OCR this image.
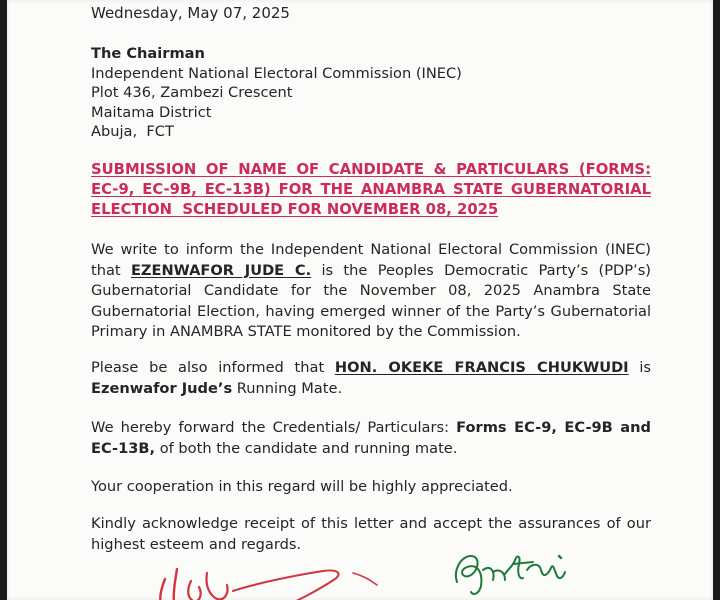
Wednesday, May 07, 2025
The Chairman
Independent National Electoral Commission (INEC)
Plot 436, Zambezi Crescent
Maitama District
Abuja,  FCT
SUBMISSION OF NAME OF CANDIDATE & PARTICULARS (FORMS:
EC-9, EC-9B, EC-13B) FOR THE ANAMBRA STATE GUBERNATORIAL
ELECTION  SCHEDULED FOR NOVEMBER 08, 2025
We write to inform the Independent National Electoral Commission (INEC) that EZENWAFOR JUDE C. is the Peoples Democratic Party’s (PDP’s) Gubernatorial Candidate for the November 08, 2025 Anambra State Gubernatorial Election, having emerged winner of the Party’s Gubernatorial Primary in ANAMBRA STATE monitored by the Commission.
Please be also informed that HON. OKEKE FRANCIS CHUKWUDI is Ezenwafor Jude’s Running Mate.
We hereby forward the Credentials/ Particulars: Forms EC-9, EC-9B and EC-13B, of both the candidate and running mate.
Your cooperation in this regard will be highly appreciated.
Kindly acknowledge receipt of this letter and accept the assurances of our highest esteem and regards.
